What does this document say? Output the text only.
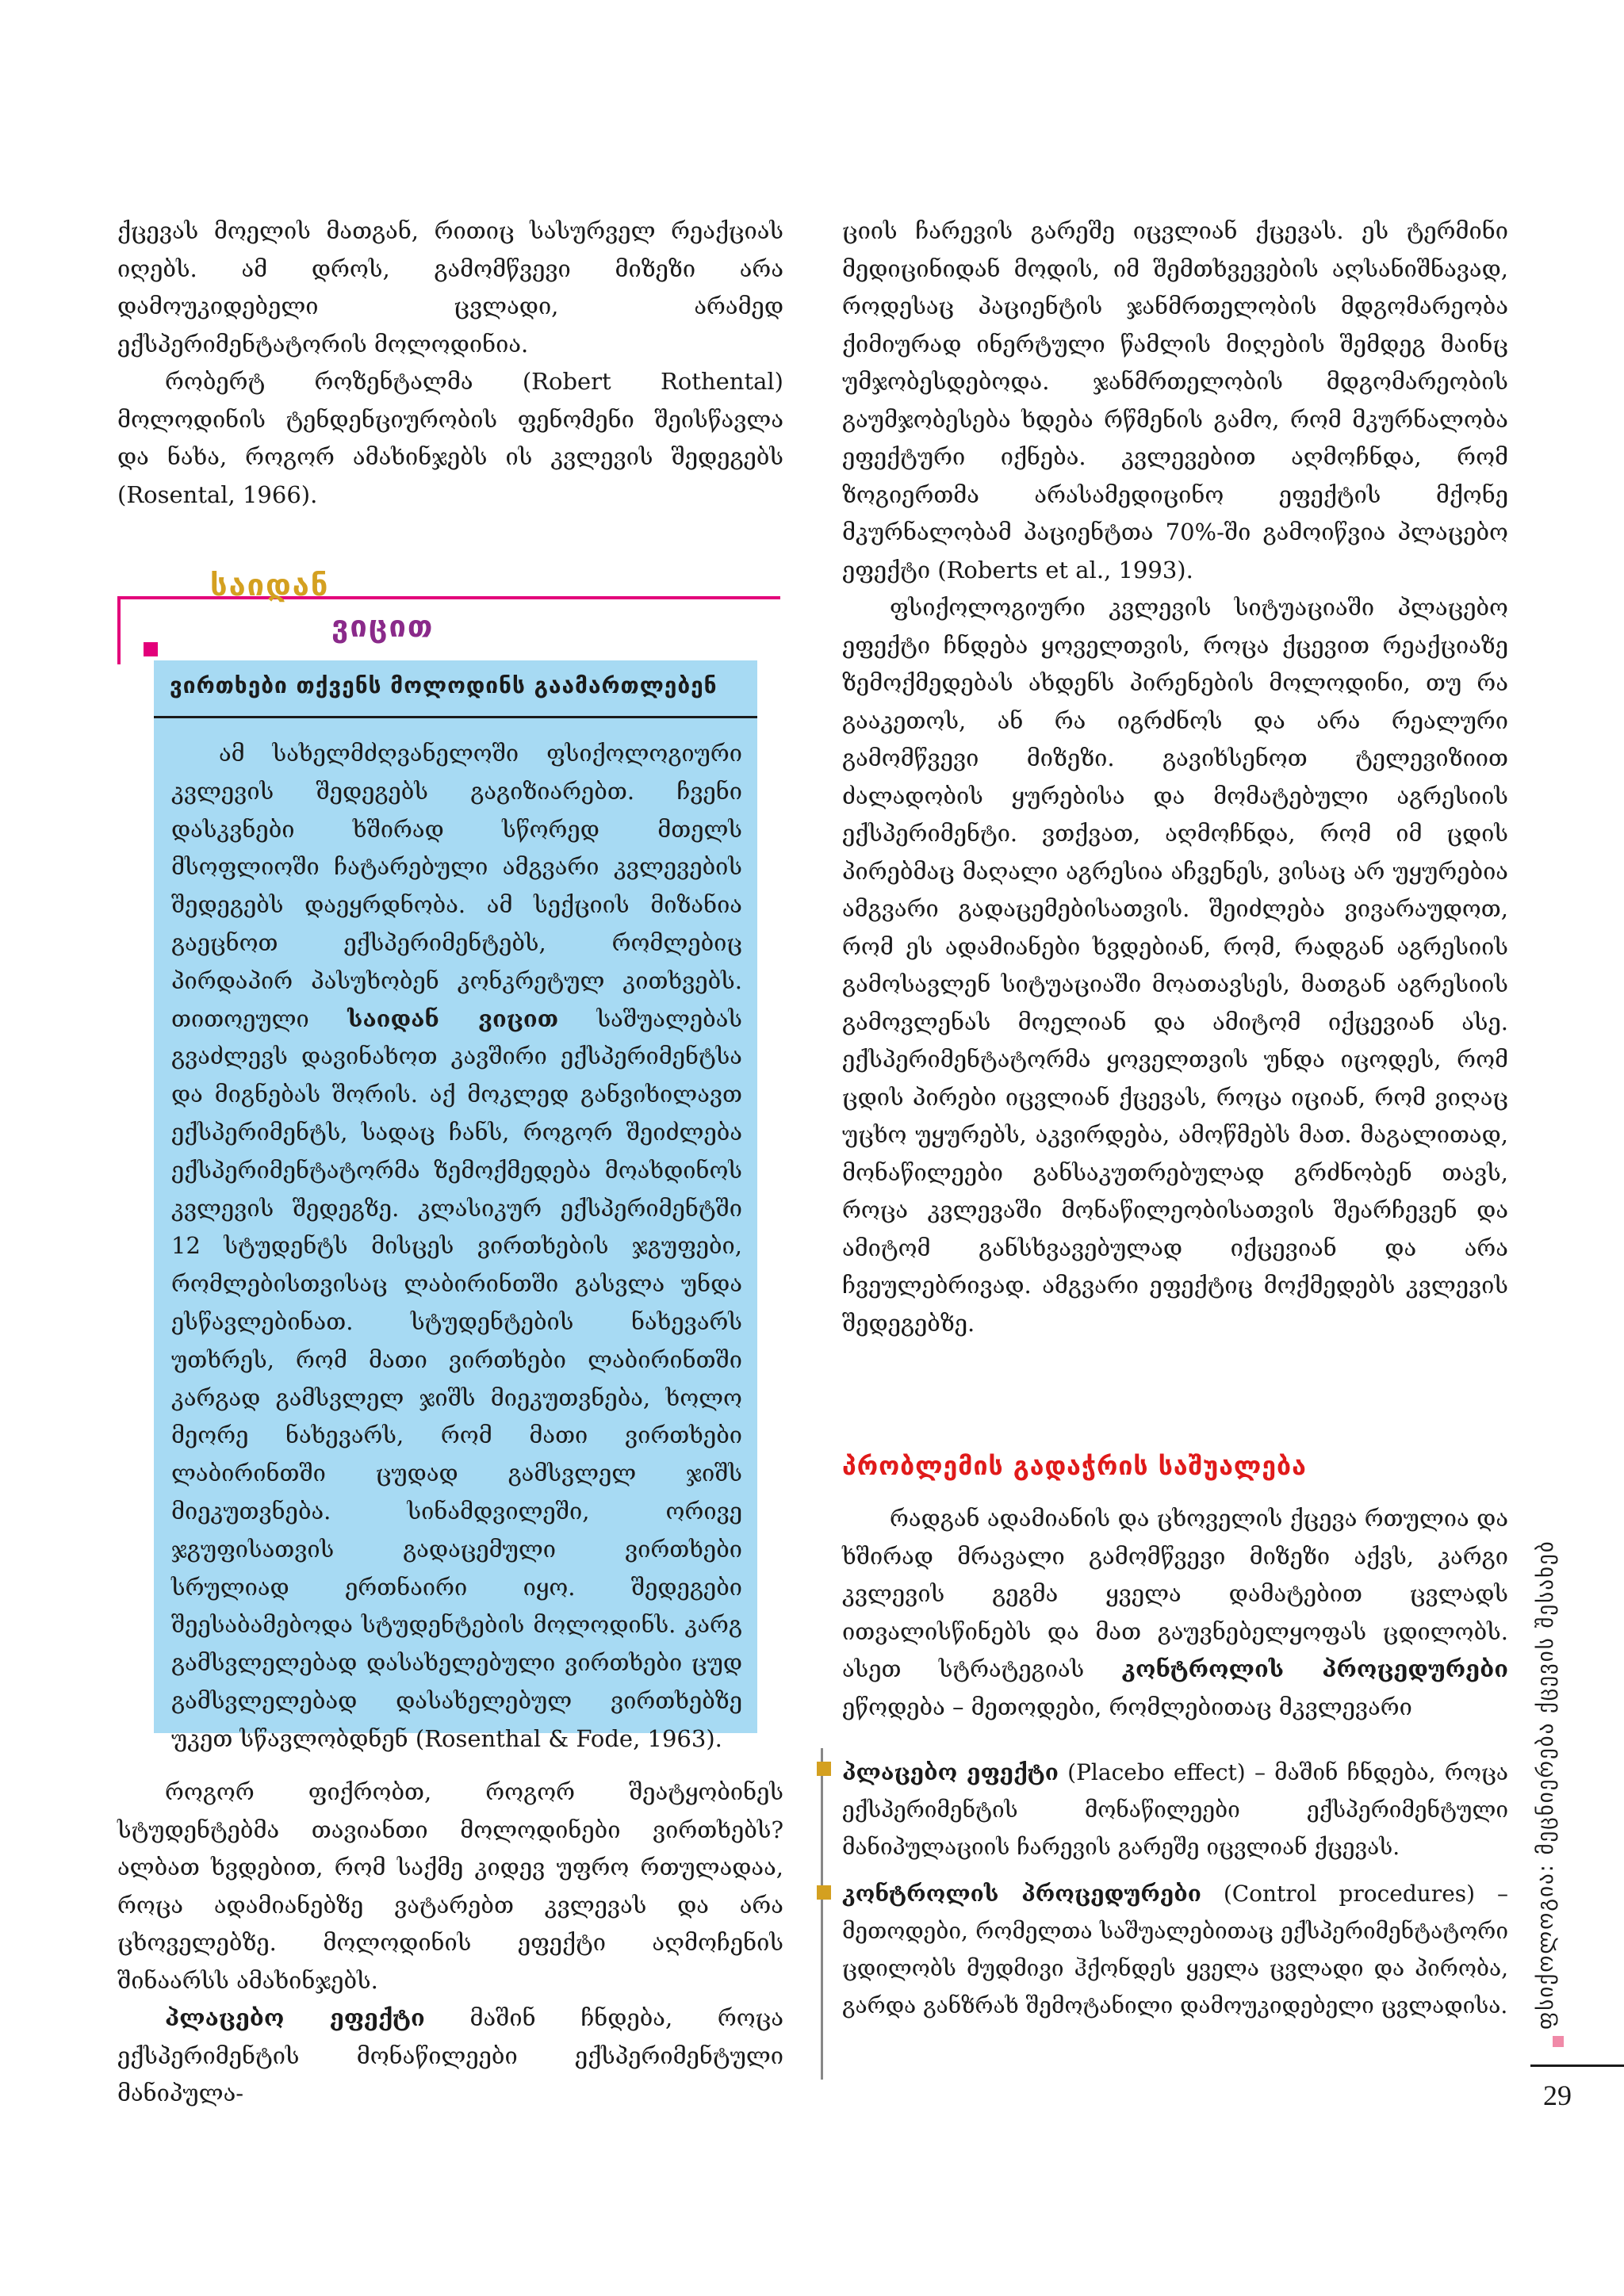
ქცევას მოელის მათგან, რითიც სასურველ რეაქციას იღებს. ამ დროს, გამომწვევი მიზეზი არა დამოუკიდებელი ცვლადი, არამედ ექსპერიმენტატორის მოლოდინია.

რობერტ როზენტალმა (Robert Rothental) მოლოდინის ტენდენციურობის ფენომენი შეისწავლა და ნახა, როგორ ამახინჯებს ის კვლევის შედეგებს (Rosental, 1966).

საიდან
ვიცით
ვირთხები თქვენს მოლოდინს გაამართლებენ

ამ სახელმძღვანელოში ფსიქოლოგიური კვლევის შედეგებს გაგიზიარებთ. ჩვენი დასკვნები ხშირად სწორედ მთელს მსოფლიოში ჩატარებული ამგვარი კვლევების შედეგებს დაეყრდნობა. ამ სექციის მიზანია გაეცნოთ ექსპერიმენტებს, რომლებიც პირდაპირ პასუხობენ კონკრეტულ კითხვებს. თითოეული საიდან ვიცით საშუალებას გვაძლევს დავინახოთ კავშირი ექსპერიმენტსა და მიგნებას შორის. აქ მოკლედ განვიხილავთ ექსპერიმენტს, სადაც ჩანს, როგორ შეიძლება ექსპერიმენტატორმა ზემოქმედება მოახდინოს კვლევის შედეგზე. კლასიკურ ექსპერიმენტში 12 სტუდენტს მისცეს ვირთხების ჯგუფები, რომლებისთვისაც ლაბირინთში გასვლა უნდა ესწავლებინათ. სტუდენტების ნახევარს უთხრეს, რომ მათი ვირთხები ლაბირინთში კარგად გამსვლელ ჯიშს მიეკუთვნება, ხოლო მეორე ნახევარს, რომ მათი ვირთხები ლაბირინთში ცუდად გამსვლელ ჯიშს მიეკუთვნება. სინამდვილეში, ორივე ჯგუფისათვის გადაცემული ვირთხები სრულიად ერთნაირი იყო. შედეგები შეესაბამებოდა სტუდენტების მოლოდინს. კარგ გამსვლელებად დასახელებული ვირთხები ცუდ გამსვლელებად დასახელებულ ვირთხებზე უკეთ სწავლობდნენ (Rosenthal & Fode, 1963).

როგორ ფიქრობთ, როგორ შეატყობინეს სტუდენტებმა თავიანთი მოლოდინები ვირთხებს? ალბათ ხვდებით, რომ საქმე კიდევ უფრო რთულადაა, როცა ადამიანებზე ვატარებთ კვლევას და არა ცხოველებზე. მოლოდინის ეფექტი აღმოჩენის შინაარსს ამახინჯებს.

პლაცებო ეფექტი მაშინ ჩნდება, როცა ექსპერიმენტის მონაწილეები ექსპერიმენტული მანიპულა-

ციის ჩარევის გარეშე იცვლიან ქცევას. ეს ტერმინი მედიცინიდან მოდის, იმ შემთხვევების აღსანიშნავად, როდესაც პაციენტის ჯანმრთელობის მდგომარეობა ქიმიურად ინერტული წამლის მიღების შემდეგ მაინც უმჯობესდებოდა. ჯანმრთელობის მდგომარეობის გაუმჯობესება ხდება რწმენის გამო, რომ მკურნალობა ეფექტური იქნება. კვლევებით აღმოჩნდა, რომ ზოგიერთმა არასამედიცინო ეფექტის მქონე მკურნალობამ პაციენტთა 70%-ში გამოიწვია პლაცებო ეფექტი (Roberts et al., 1993).

ფსიქოლოგიური კვლევის სიტუაციაში პლაცებო ეფექტი ჩნდება ყოველთვის, როცა ქცევით რეაქციაზე ზემოქმედებას ახდენს პირენების მოლოდინი, თუ რა გააკეთოს, ან რა იგრძნოს და არა რეალური გამომწვევი მიზეზი. გავიხსენოთ ტელევიზიით ძალადობის ყურებისა და მომატებული აგრესიის ექსპერიმენტი. ვთქვათ, აღმოჩნდა, რომ იმ ცდის პირებმაც მაღალი აგრესია აჩვენეს, ვისაც არ უყურებია ამგვარი გადაცემებისათვის. შეიძლება ვივარაუდოთ, რომ ეს ადამიანები ხვდებიან, რომ, რადგან აგრესიის გამოსავლენ სიტუაციაში მოათავსეს, მათგან აგრესიის გამოვლენას მოელიან და ამიტომ იქცევიან ასე. ექსპერიმენტატორმა ყოველთვის უნდა იცოდეს, რომ ცდის პირები იცვლიან ქცევას, როცა იციან, რომ ვიღაც უცხო უყურებს, აკვირდება, ამოწმებს მათ. მაგალითად, მონაწილეები განსაკუთრებულად გრძნობენ თავს, როცა კვლევაში მონაწილეობისათვის შეარჩევენ და ამიტომ განსხვავებულად იქცევიან და არა ჩვეულებრივად. ამგვარი ეფექტიც მოქმედებს კვლევის შედეგებზე.

პრობლემის გადაჭრის საშუალება

რადგან ადამიანის და ცხოველის ქცევა რთულია და ხშირად მრავალი გამომწვევი მიზეზი აქვს, კარგი კვლევის გეგმა ყველა დამატებით ცვლადს ითვალისწინებს და მათ გაუვნებელყოფას ცდილობს. ასეთ სტრატეგიას კონტროლის პროცედურები ეწოდება – მეთოდები, რომლებითაც მკვლევარი

პლაცებო ეფექტი (Placebo effect) – მაშინ ჩნდება, როცა ექსპერიმენტის მონაწილეები ექსპერიმენტული მანიპულაციის ჩარევის გარეშე იცვლიან ქცევას.

კონტროლის პროცედურები (Control procedures) – მეთოდები, რომელთა საშუალებითაც ექსპერიმენტატორი ცდილობს მუდმივი ჰქონდეს ყველა ცვლადი და პირობა, გარდა განზრახ შემოტანილი დამოუკიდებელი ცვლადისა. ფსიქოლოგია: მეცნიერება ქცევის შესახებ
29
